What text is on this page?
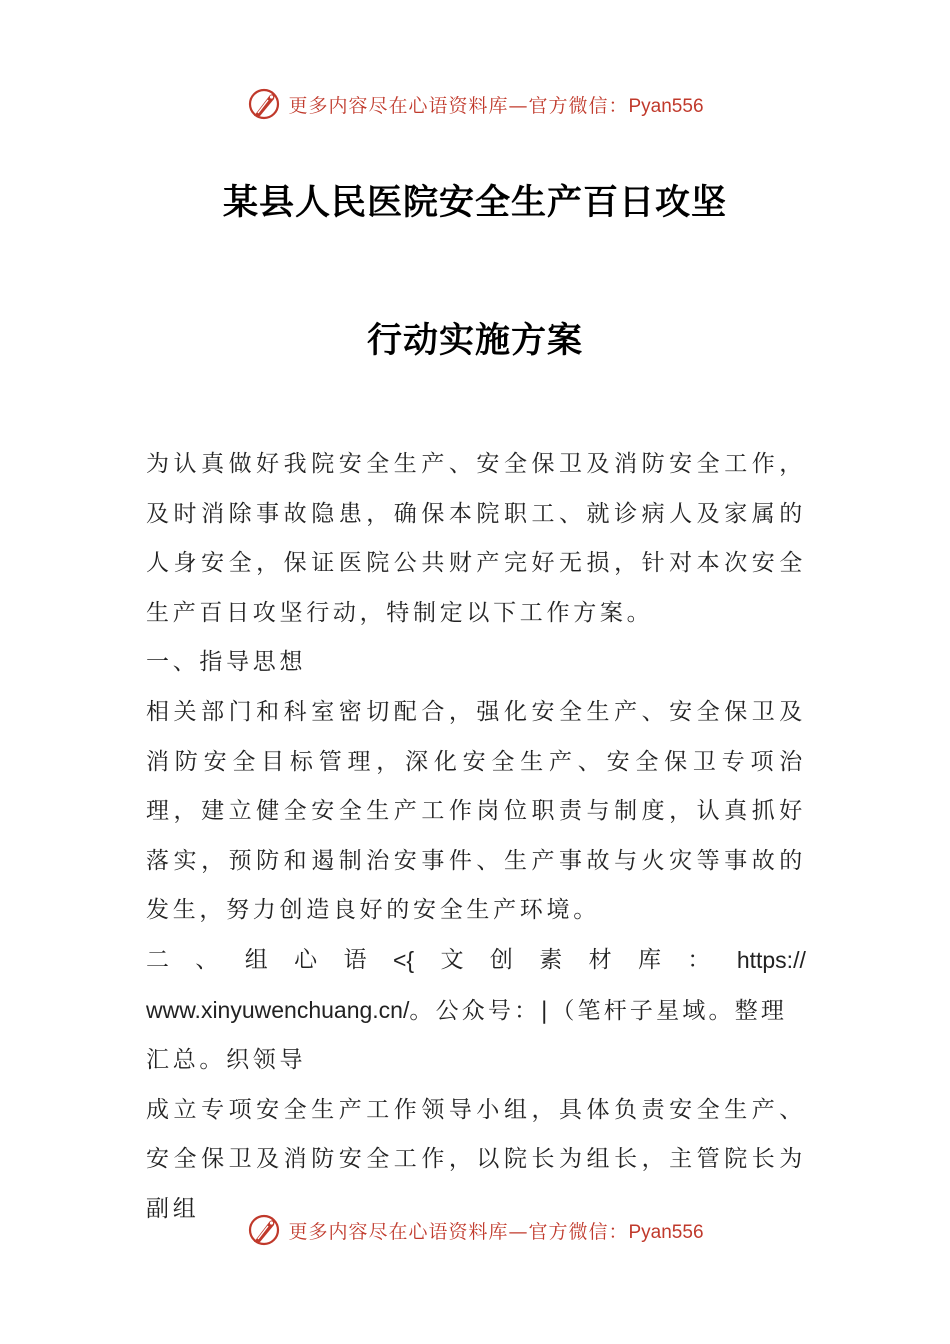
更多内容尽在心语资料库—官方微信：Pyan556
某县人民医院安全生产百日攻坚
行动实施方案

为认真做好我院安全生产、安全保卫及消防安全工作，及时消除事故隐患，确保本院职工、就诊病人及家属的人身安全，保证医院公共财产完好无损，针对本次安全生产百日攻坚行动，特制定以下工作方案。

一、指导思想

相关部门和科室密切配合，强化安全生产、安全保卫及消防安全目标管理，深化安全生产、安全保卫专项治理，建立健全安全生产工作岗位职责与制度，认真抓好落实，预防和遏制治安事件、生产事故与火灾等事故的发生，努力创造良好的安全生产环境。

二 、 组 心 语 <{ 文 创 素 材 库 ： https://
www.xinyuwenchuang.cn/。公众号：|（笔杆子星域。整理

汇总。织领导

成立专项安全生产工作领导小组，具体负责安全生产、安全保卫及消防安全工作，以院长为组长，主管院长为副组

更多内容尽在心语资料库—官方微信：Pyan556
